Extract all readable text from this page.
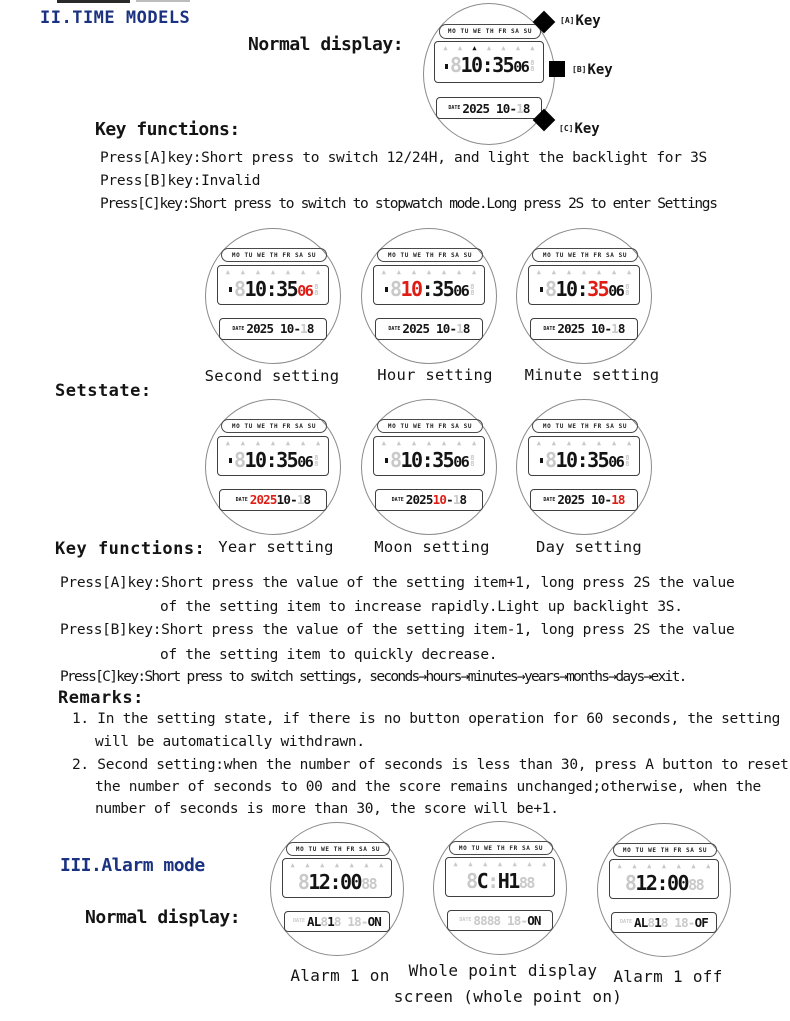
II.TIME MODELS
Normal display:
MO TU WE TH FR SA SU
▲ ▲ ▲ ▲ ▲ ▲ ▲
8 10:35 06 8
8
DATE 2025 10- 1 8
[A]Key
[B]Key
[C]Key
Key functions:
Press[A]key:Short press to switch 12/24H, and light the backlight for 3S
Press[B]key:Invalid
Press[C]key:Short press to switch to stopwatch mode.Long press 2S to enter Settings
MO TU WE TH FR SA SU
▲ ▲ ▲ ▲ ▲ ▲ ▲
8 10:35 06 8
8
DATE 2025 10- 1 8
MO TU WE TH FR SA SU
▲ ▲ ▲ ▲ ▲ ▲ ▲
8 10 :35 06 8
8
DATE 2025 10- 1 8
MO TU WE TH FR SA SU
▲ ▲ ▲ ▲ ▲ ▲ ▲
8 10: 35 06 8
8
DATE 2025 10- 1 8
Second setting Hour setting Minute setting
Setstate:
MO TU WE TH FR SA SU
▲ ▲ ▲ ▲ ▲ ▲ ▲
8 10:35 06 8
8
DATE 2025 10- 1 8
MO TU WE TH FR SA SU
▲ ▲ ▲ ▲ ▲ ▲ ▲
8 10:35 06 8
8
DATE 2025 10 - 1 8
MO TU WE TH FR SA SU
▲ ▲ ▲ ▲ ▲ ▲ ▲
8 10:35 06 8
8
DATE 2025 10- 18
Year setting	Moon setting	Day setting
Key functions:
Press[A]key:Short press the value of the setting item+1, long press 2S the value
of the setting item to increase rapidly.Light up backlight 3S.
Press[B]key:Short press the value of the setting item-1, long press 2S the value
of the setting item to quickly decrease.
Press[C]key:Short press to switch settings, seconds→hours→minutes→years→months→days→exit.
Remarks:
1. In the setting state, if there is no button operation for 60 seconds, the setting
will be automatically withdrawn.
2. Second setting:when the number of seconds is less than 30, press A button to reset
the number of seconds to 00 and the score remains unchanged;otherwise, when the
number of seconds is more than 30, the score will be+1.
III.Alarm mode
Normal display:
MO TU WE TH FR SA SU
▲ ▲ ▲ ▲ ▲ ▲ ▲
8 12:00 88
DATE AL 8 1 8 18- ON
MO TU WE TH FR SA SU
▲ ▲ ▲ ▲ ▲ ▲ ▲
8 C : H1 88
DATE 8888 18- ON
MO TU WE TH FR SA SU
▲ ▲ ▲ ▲ ▲ ▲ ▲
8 12:00 88
DATE AL 8 1 8 18- OF
Alarm 1 on Whole point display
screen (whole point on)
Alarm 1 off
